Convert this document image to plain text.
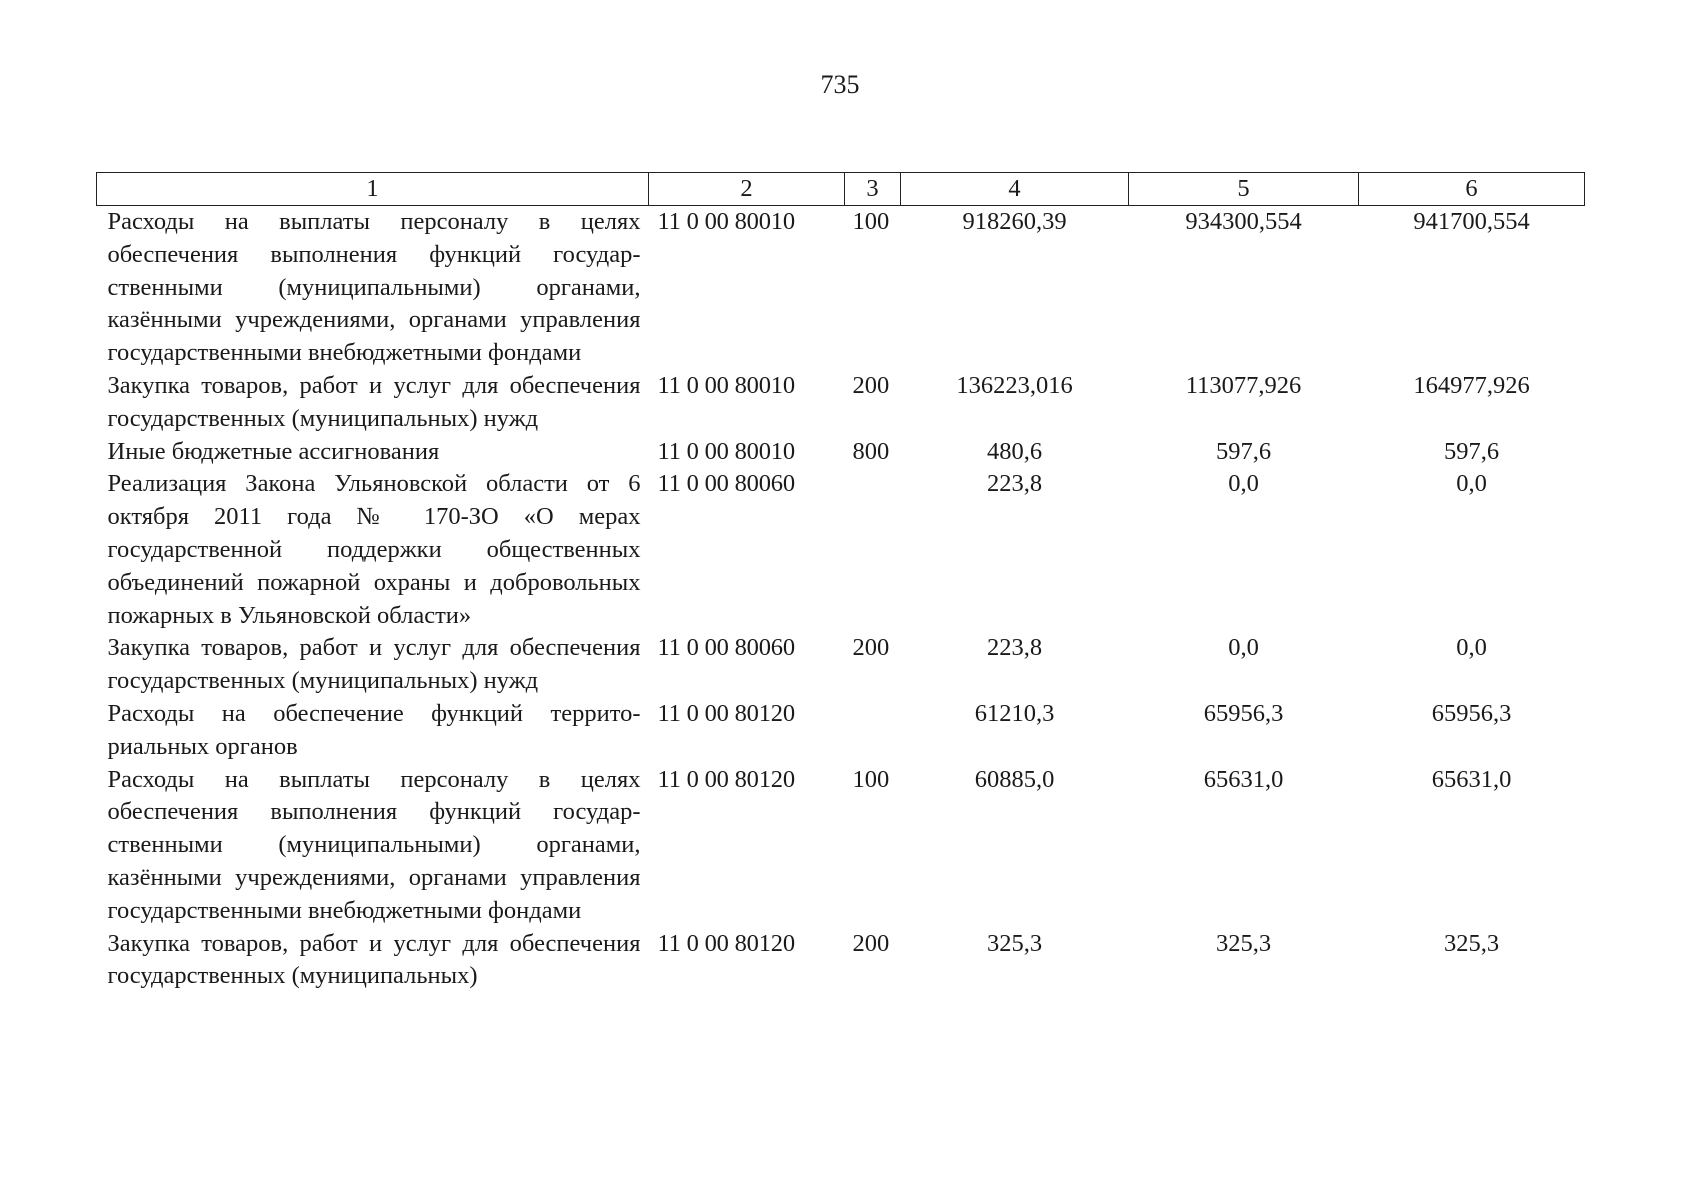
735
1	2	3	4	5	6
Расходы на выплаты персоналу в целях обеспечения выполнения функций государственными (муниципальными) органами, казёнными учреждениями, органами управления государственными внебюджетными фондами	11 0 00 80010	100	918260,39	934300,554	941700,554
Закупка товаров, работ и услуг для обеспечения государственных (муниципальных) нужд	11 0 00 80010	200	136223,016	113077,926	164977,926
Иные бюджетные ассигнования	11 0 00 80010	800	480,6	597,6	597,6
Реализация Закона Ульяновской области от 6 октября 2011 года № 170-ЗО «О мерах государственной поддержки общественных объединений пожарной охраны и добровольных пожарных в Ульяновской области»	11 0 00 80060		223,8	0,0	0,0
Закупка товаров, работ и услуг для обеспечения государственных (муниципальных) нужд	11 0 00 80060	200	223,8	0,0	0,0
Расходы на обеспечение функций территориальных органов	11 0 00 80120		61210,3	65956,3	65956,3
Расходы на выплаты персоналу в целях обеспечения выполнения функций государственными (муниципальными) органами, казёнными учреждениями, органами управления государственными внебюджетными фондами	11 0 00 80120	100	60885,0	65631,0	65631,0
Закупка товаров, работ и услуг для обеспечения государственных (муниципальных)	11 0 00 80120	200	325,3	325,3	325,3
